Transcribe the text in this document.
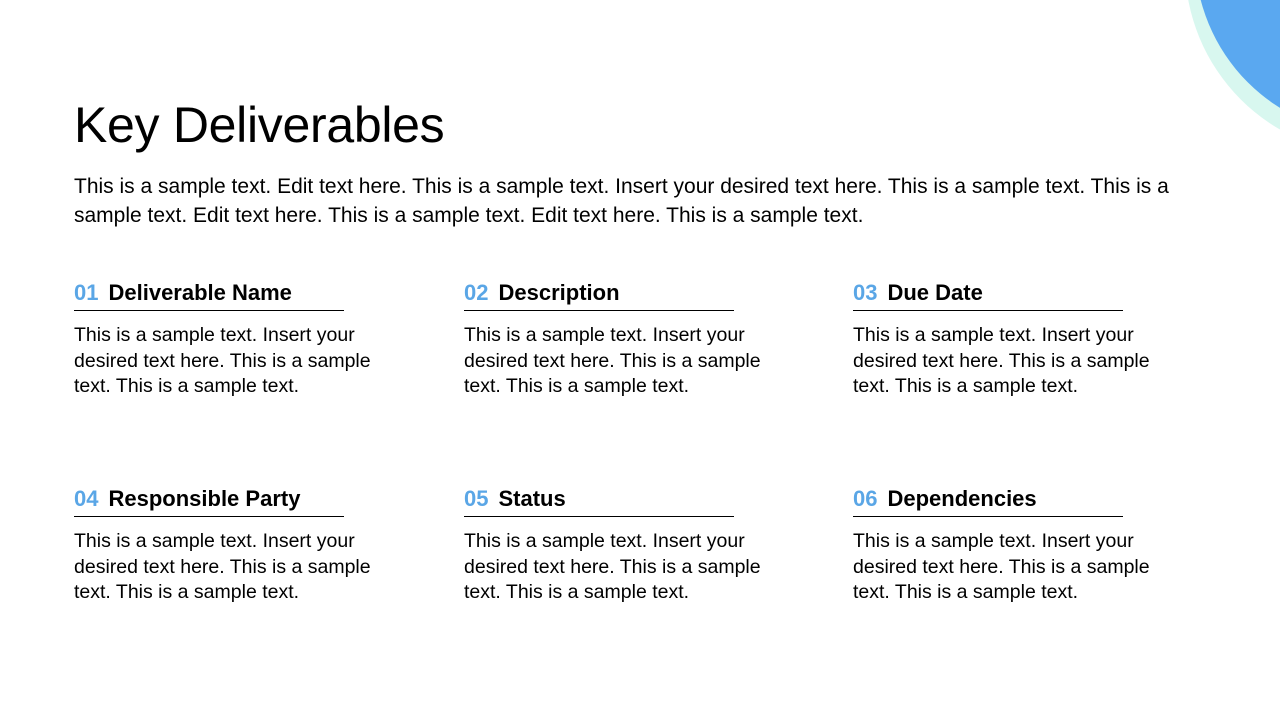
Key Deliverables

This is a sample text. Edit text here. This is a sample text. Insert your desired text here. This is a sample text. This is a sample text. Edit text here. This is a sample text. Edit text here. This is a sample text.

01 Deliverable Name

This is a sample text. Insert your desired text here. This is a sample text. This is a sample text.

02 Description

This is a sample text. Insert your desired text here. This is a sample text. This is a sample text.

03 Due Date

This is a sample text. Insert your desired text here. This is a sample text. This is a sample text.

04 Responsible Party

This is a sample text. Insert your desired text here. This is a sample text. This is a sample text.

05 Status

This is a sample text. Insert your desired text here. This is a sample text. This is a sample text.

06 Dependencies

This is a sample text. Insert your desired text here. This is a sample text. This is a sample text.
